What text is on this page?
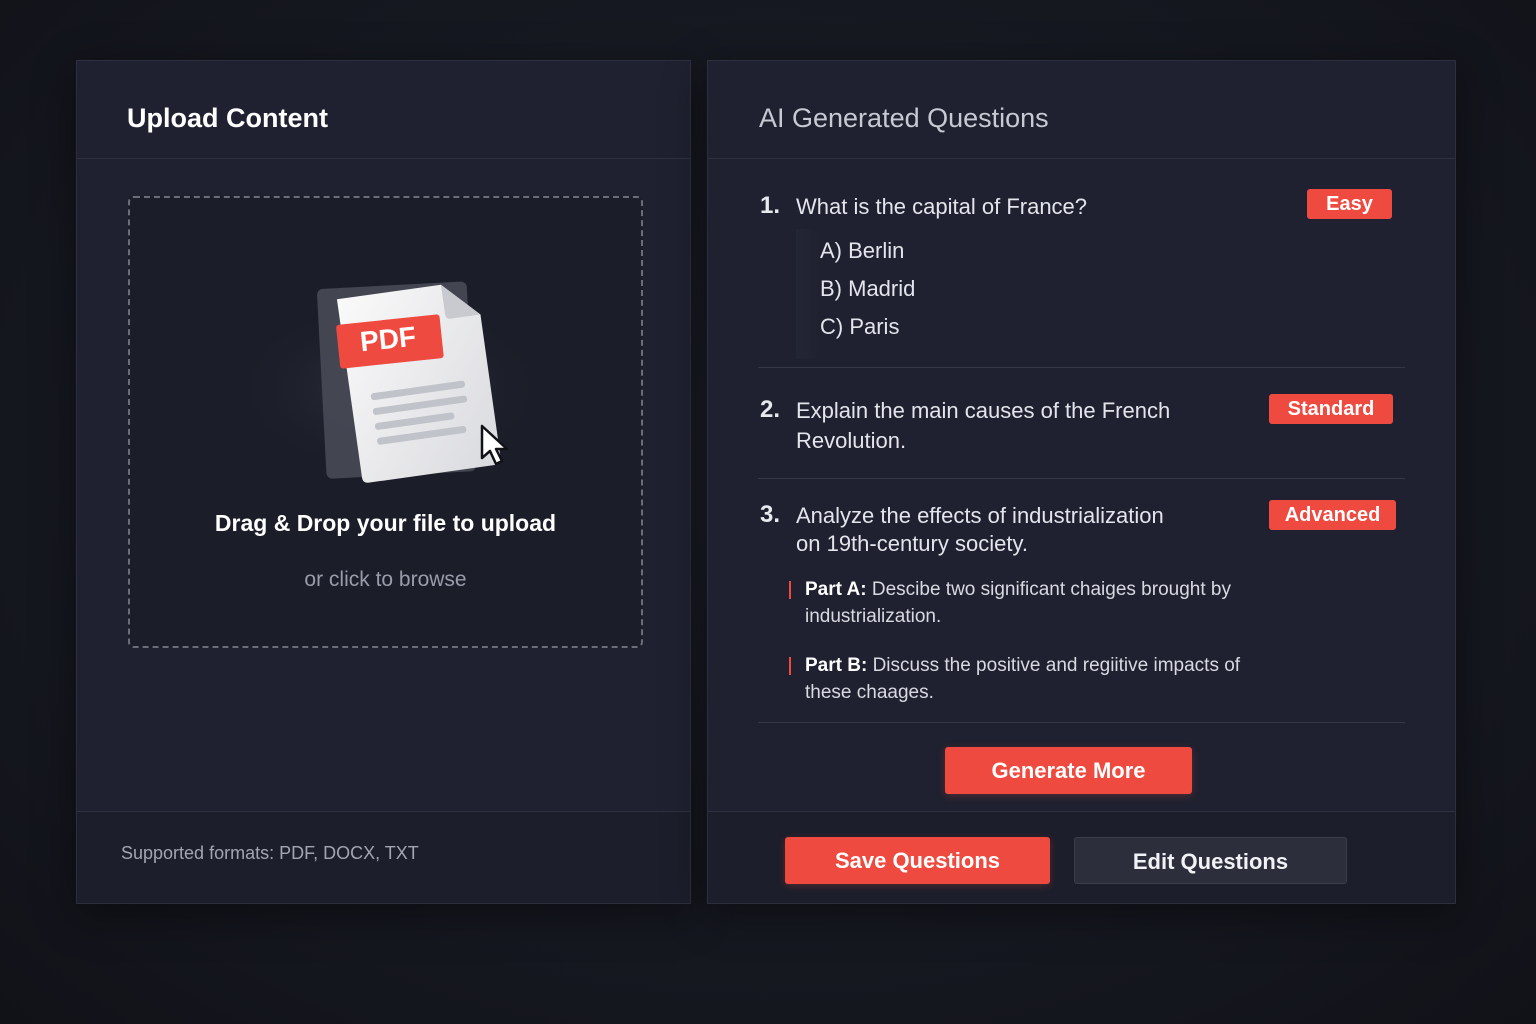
Upload Content
PDF
Drag & Drop your file to upload
or click to browse
Supported formats: PDF, DOCX, TXT
AI Generated Questions
1. What is the capital of France?	Easy
A) Berlin
B) Madrid
C) Paris
2. Explain the main causes of the French
Revolution.
Standard
3. Analyze the effects of industrialization
on 19th-century society.
Advanced
Part A: Descibe two significant chaiges brought by industrialization.
Part B: Discuss the positive and regiitive impacts of these chaages.
Generate More
Save Questions	Edit Questions
